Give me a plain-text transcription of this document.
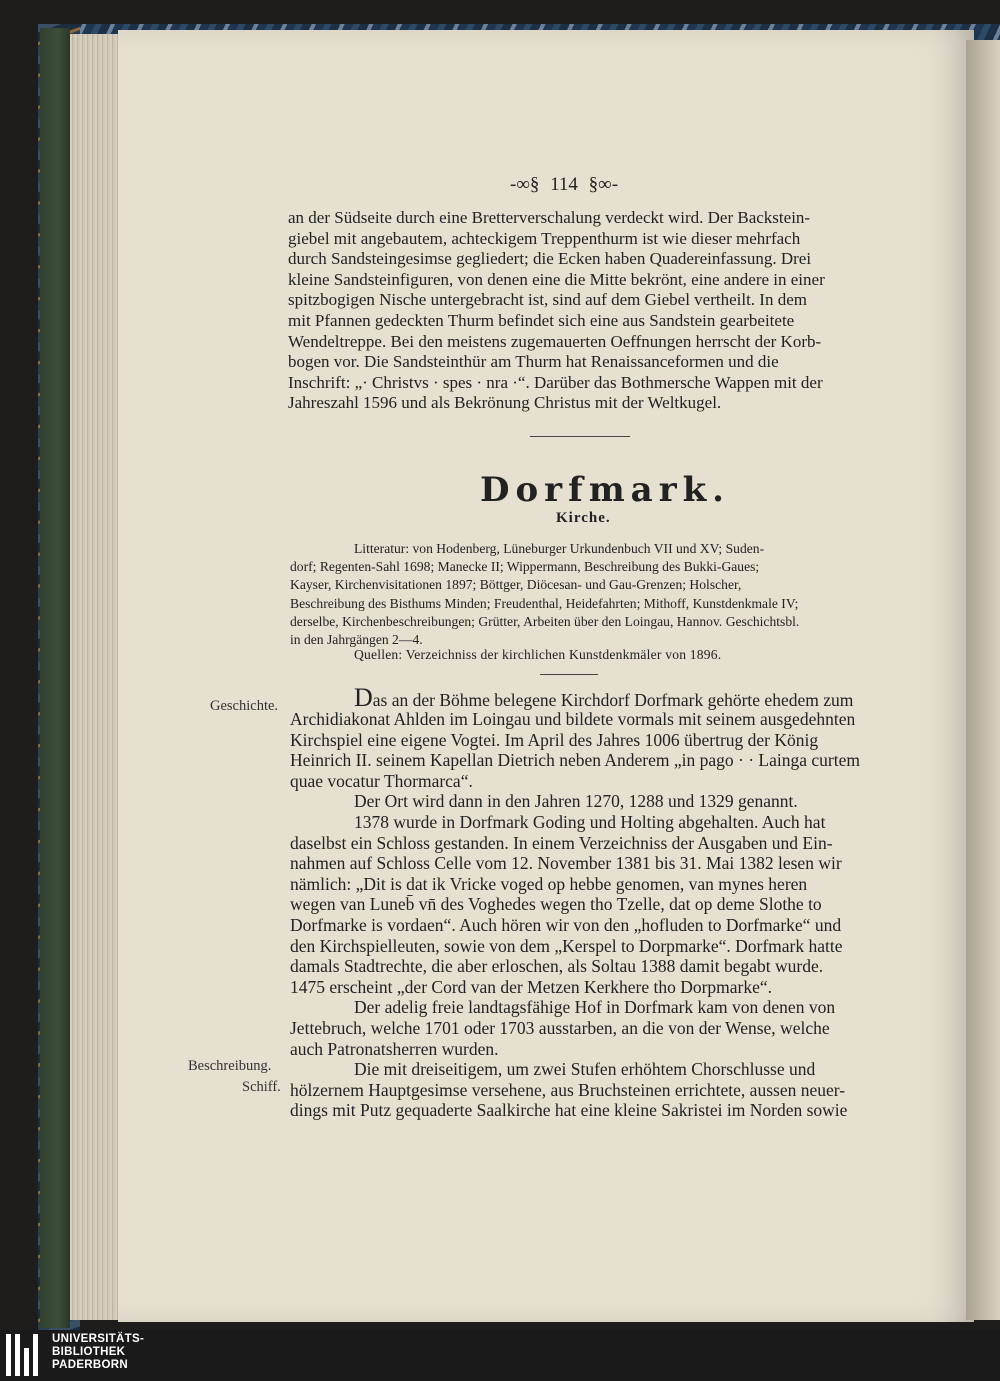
-∞§ 114 §∞-
an der Südseite durch eine Bretterverschalung verdeckt wird. Der Backstein-
giebel mit angebautem, achteckigem Treppenthurm ist wie dieser mehrfach
durch Sandsteingesimse gegliedert; die Ecken haben Quadereinfassung. Drei
kleine Sandsteinfiguren, von denen eine die Mitte bekrönt, eine andere in einer
spitzbogigen Nische untergebracht ist, sind auf dem Giebel vertheilt. In dem
mit Pfannen gedeckten Thurm befindet sich eine aus Sandstein gearbeitete
Wendeltreppe. Bei den meistens zugemauerten Oeffnungen herrscht der Korb-
bogen vor. Die Sandsteinthür am Thurm hat Renaissanceformen und die
Inschrift: „· Christvs · spes · nra ·“. Darüber das Bothmersche Wappen mit der
Jahreszahl 1596 und als Bekrönung Christus mit der Weltkugel.
Dorfmark.
Kirche.
Litteratur: von Hodenberg, Lüneburger Urkundenbuch VII und XV; Suden-
dorf; Regenten-Sahl 1698; Manecke II; Wippermann, Beschreibung des Bukki-Gaues;
Kayser, Kirchenvisitationen 1897; Böttger, Diöcesan- und Gau-Grenzen; Holscher,
Beschreibung des Bisthums Minden; Freudenthal, Heidefahrten; Mithoff, Kunstdenkmale IV;
derselbe, Kirchenbeschreibungen; Grütter, Arbeiten über den Loingau, Hannov. Geschichtsbl.
in den Jahrgängen 2—4.
Quellen: Verzeichniss der kirchlichen Kunstdenkmäler von 1896.
Geschichte.
Beschreibung.
Schiff.
Das an der Böhme belegene Kirchdorf Dorfmark gehörte ehedem zum
Archidiakonat Ahlden im Loingau und bildete vormals mit seinem ausgedehnten
Kirchspiel eine eigene Vogtei. Im April des Jahres 1006 übertrug der König
Heinrich II. seinem Kapellan Dietrich neben Anderem „in pago · · Lainga curtem
quae vocatur Thormarca“.
Der Ort wird dann in den Jahren 1270, 1288 und 1329 genannt.
1378 wurde in Dorfmark Goding und Holting abgehalten. Auch hat
daselbst ein Schloss gestanden. In einem Verzeichniss der Ausgaben und Ein-
nahmen auf Schloss Celle vom 12. November 1381 bis 31. Mai 1382 lesen wir
nämlich: „Dit is dat ik Vricke voged op hebbe genomen, van mynes heren
wegen van Luneb̄ vn̄ des Voghedes wegen tho Tzelle, dat op deme Slothe to
Dorfmarke is vordaen“. Auch hören wir von den „hofluden to Dorfmarke“ und
den Kirchspielleuten, sowie von dem „Kerspel to Dorpmarke“. Dorfmark hatte
damals Stadtrechte, die aber erloschen, als Soltau 1388 damit begabt wurde.
1475 erscheint „der Cord van der Metzen Kerkhere tho Dorpmarke“.
Der adelig freie landtagsfähige Hof in Dorfmark kam von denen von
Jettebruch, welche 1701 oder 1703 ausstarben, an die von der Wense, welche
auch Patronatsherren wurden.
Die mit dreiseitigem, um zwei Stufen erhöhtem Chorschlusse und
hölzernem Hauptgesimse versehene, aus Bruchsteinen errichtete, aussen neuer-
dings mit Putz gequaderte Saalkirche hat eine kleine Sakristei im Norden sowie
UNIVERSITÄTS-
BIBLIOTHEK
PADERBORN
